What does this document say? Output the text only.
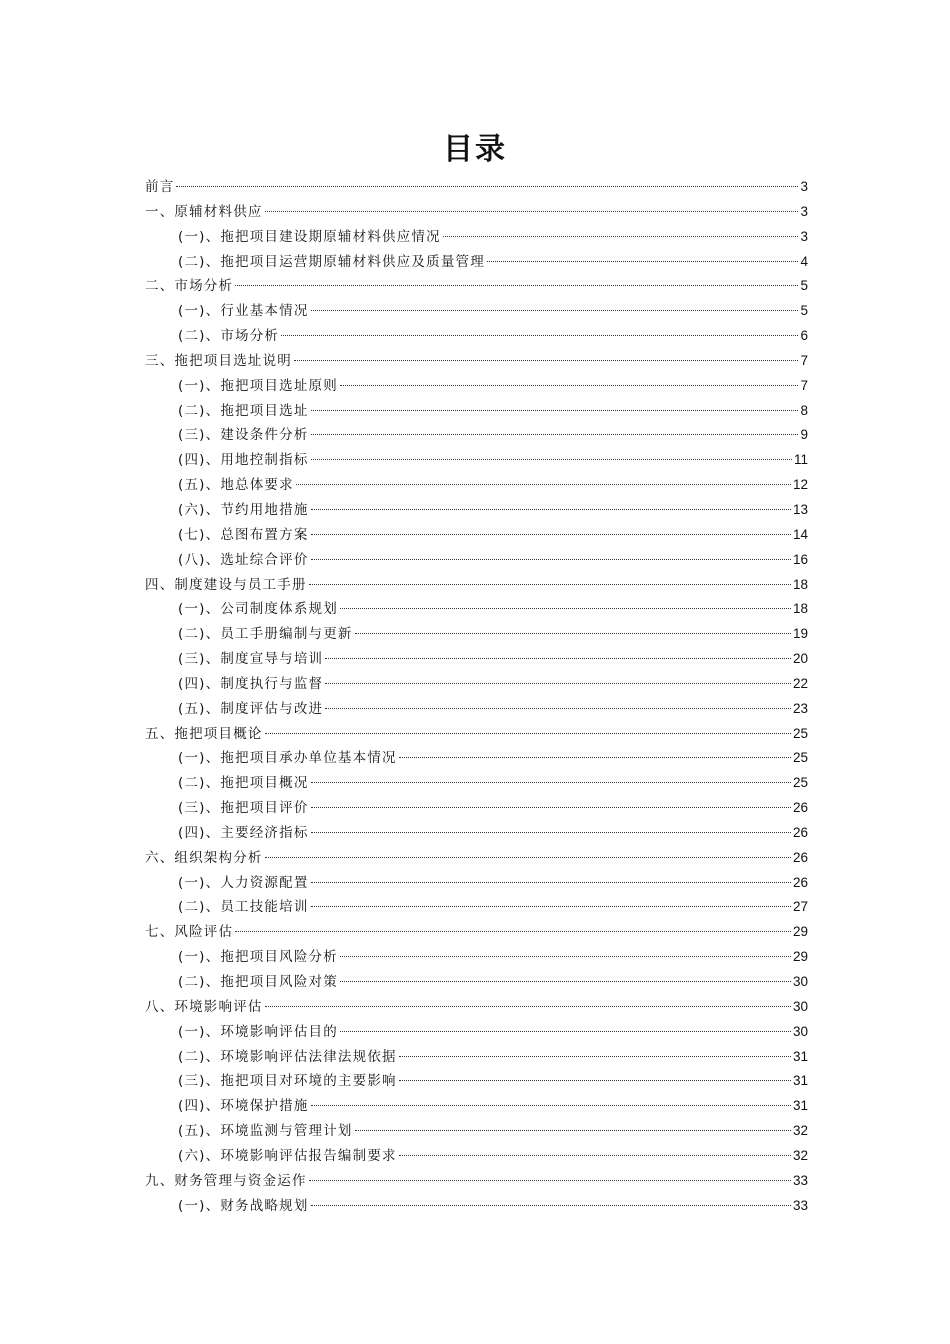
目录
前言	3
一、原辅材料供应	3
(一)、拖把项目建设期原辅材料供应情况	3
(二)、拖把项目运营期原辅材料供应及质量管理	4
二、市场分析	5
(一)、行业基本情况	5
(二)、市场分析	6
三、拖把项目选址说明	7
(一)、拖把项目选址原则	7
(二)、拖把项目选址	8
(三)、建设条件分析	9
(四)、用地控制指标	11
(五)、地总体要求	12
(六)、节约用地措施	13
(七)、总图布置方案	14
(八)、选址综合评价	16
四、制度建设与员工手册	18
(一)、公司制度体系规划	18
(二)、员工手册编制与更新	19
(三)、制度宣导与培训	20
(四)、制度执行与监督	22
(五)、制度评估与改进	23
五、拖把项目概论	25
(一)、拖把项目承办单位基本情况	25
(二)、拖把项目概况	25
(三)、拖把项目评价	26
(四)、主要经济指标	26
六、组织架构分析	26
(一)、人力资源配置	26
(二)、员工技能培训	27
七、风险评估	29
(一)、拖把项目风险分析	29
(二)、拖把项目风险对策	30
八、环境影响评估	30
(一)、环境影响评估目的	30
(二)、环境影响评估法律法规依据	31
(三)、拖把项目对环境的主要影响	31
(四)、环境保护措施	31
(五)、环境监测与管理计划	32
(六)、环境影响评估报告编制要求	32
九、财务管理与资金运作	33
(一)、财务战略规划	33
